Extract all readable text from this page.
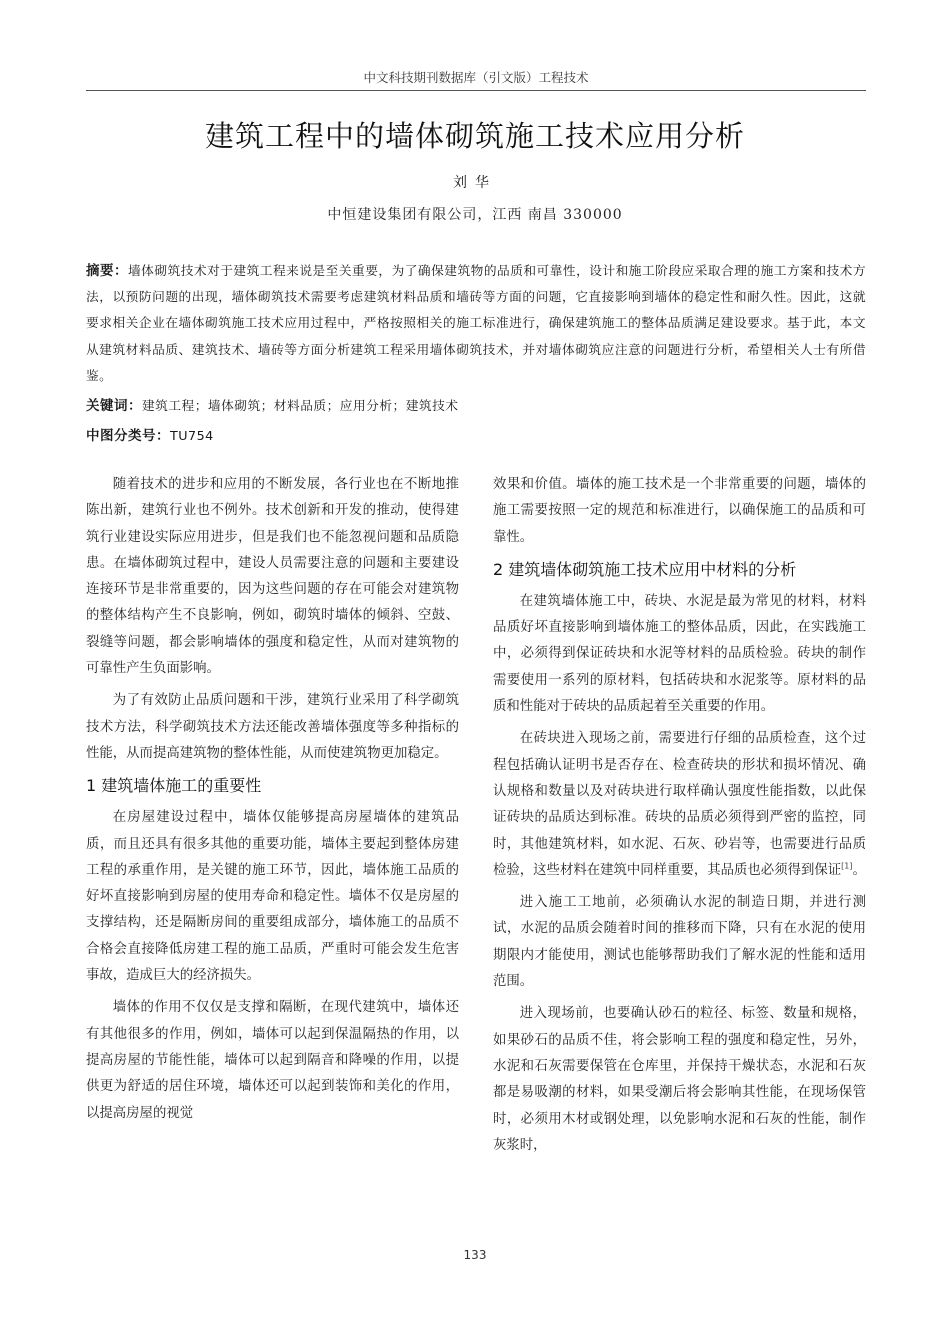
中文科技期刊数据库（引文版）工程技术
建筑工程中的墙体砌筑施工技术应用分析
刘华
中恒建设集团有限公司，江西 南昌 330000
摘要：墙体砌筑技术对于建筑工程来说是至关重要，为了确保建筑物的品质和可靠性，设计和施工阶段应采取合理的施工方案和技术方法，以预防问题的出现，墙体砌筑技术需要考虑建筑材料品质和墙砖等方面的问题，它直接影响到墙体的稳定性和耐久性。因此，这就要求相关企业在墙体砌筑施工技术应用过程中，严格按照相关的施工标准进行，确保建筑施工的整体品质满足建设要求。基于此，本文从建筑材料品质、建筑技术、墙砖等方面分析建筑工程采用墙体砌筑技术，并对墙体砌筑应注意的问题进行分析，希望相关人士有所借鉴。
关键词：建筑工程；墙体砌筑；材料品质；应用分析；建筑技术
中图分类号：TU754

随着技术的进步和应用的不断发展，各行业也在不断地推陈出新，建筑行业也不例外。技术创新和开发的推动，使得建筑行业建设实际应用进步，但是我们也不能忽视问题和品质隐患。在墙体砌筑过程中，建设人员需要注意的问题和主要建设连接环节是非常重要的，因为这些问题的存在可能会对建筑物的整体结构产生不良影响，例如，砌筑时墙体的倾斜、空鼓、裂缝等问题，都会影响墙体的强度和稳定性，从而对建筑物的可靠性产生负面影响。

为了有效防止品质问题和干涉，建筑行业采用了科学砌筑技术方法，科学砌筑技术方法还能改善墙体强度等多种指标的性能，从而提高建筑物的整体性能，从而使建筑物更加稳定。

1 建筑墙体施工的重要性

在房屋建设过程中，墙体仅能够提高房屋墙体的建筑品质，而且还具有很多其他的重要功能，墙体主要起到整体房建工程的承重作用，是关键的施工环节，因此，墙体施工品质的好坏直接影响到房屋的使用寿命和稳定性。墙体不仅是房屋的支撑结构，还是隔断房间的重要组成部分，墙体施工的品质不合格会直接降低房建工程的施工品质，严重时可能会发生危害事故，造成巨大的经济损失。

墙体的作用不仅仅是支撑和隔断，在现代建筑中，墙体还有其他很多的作用，例如，墙体可以起到保温隔热的作用，以提高房屋的节能性能，墙体可以起到隔音和降噪的作用，以提供更为舒适的居住环境，墙体还可以起到装饰和美化的作用，以提高房屋的视觉

效果和价值。墙体的施工技术是一个非常重要的问题，墙体的施工需要按照一定的规范和标准进行，以确保施工的品质和可靠性。

2 建筑墙体砌筑施工技术应用中材料的分析

在建筑墙体施工中，砖块、水泥是最为常见的材料，材料品质好坏直接影响到墙体施工的整体品质，因此，在实践施工中，必须得到保证砖块和水泥等材料的品质检验。砖块的制作需要使用一系列的原材料，包括砖块和水泥浆等。原材料的品质和性能对于砖块的品质起着至关重要的作用。

在砖块进入现场之前，需要进行仔细的品质检查，这个过程包括确认证明书是否存在、检查砖块的形状和损坏情况、确认规格和数量以及对砖块进行取样确认强度性能指数，以此保证砖块的品质达到标准。砖块的品质必须得到严密的监控，同时，其他建筑材料，如水泥、石灰、砂岩等，也需要进行品质检验，这些材料在建筑中同样重要，其品质也必须得到保证[1]。

进入施工工地前，必须确认水泥的制造日期，并进行测试，水泥的品质会随着时间的推移而下降，只有在水泥的使用期限内才能使用，测试也能够帮助我们了解水泥的性能和适用范围。

进入现场前，也要确认砂石的粒径、标签、数量和规格，如果砂石的品质不佳，将会影响工程的强度和稳定性，另外，水泥和石灰需要保管在仓库里，并保持干燥状态，水泥和石灰都是易吸潮的材料，如果受潮后将会影响其性能，在现场保管时，必须用木材或钢处理，以免影响水泥和石灰的性能，制作灰浆时，

133
